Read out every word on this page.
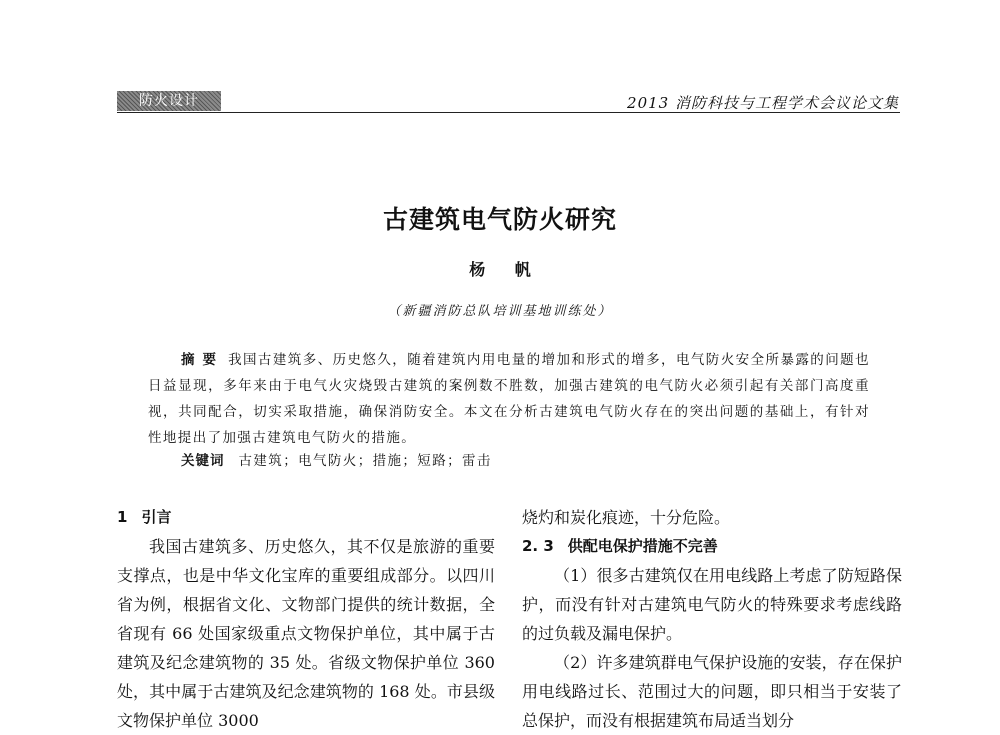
防火设计	2013 消防科技与工程学术会议论文集
古建筑电气防火研究
杨 帆
（新疆消防总队培训基地训练处）
摘要 我国古建筑多、历史悠久，随着建筑内用电量的增加和形式的增多，电气防火安全所暴露的问题也日益显现，多年来由于电气火灾烧毁古建筑的案例数不胜数，加强古建筑的电气防火必须引起有关部门高度重视，共同配合，切实采取措施，确保消防安全。本文在分析古建筑电气防火存在的突出问题的基础上，有针对性地提出了加强古建筑电气防火的措施。
关键词 古建筑；电气防火；措施；短路；雷击

1 引言

我国古建筑多、历史悠久，其不仅是旅游的重要支撑点，也是中华文化宝库的重要组成部分。以四川省为例，根据省文化、文物部门提供的统计数据，全省现有 66 处国家级重点文物保护单位，其中属于古建筑及纪念建筑物的 35 处。省级文物保护单位 360 处，其中属于古建筑及纪念建筑物的 168 处。市县级文物保护单位 3000

烧灼和炭化痕迹，十分危险。

2. 3 供配电保护措施不完善

（1）很多古建筑仅在用电线路上考虑了防短路保护，而没有针对古建筑电气防火的特殊要求考虑线路的过负载及漏电保护。

（2）许多建筑群电气保护设施的安装，存在保护用电线路过长、范围过大的问题，即只相当于安装了总保护，而没有根据建筑布局适当划分
